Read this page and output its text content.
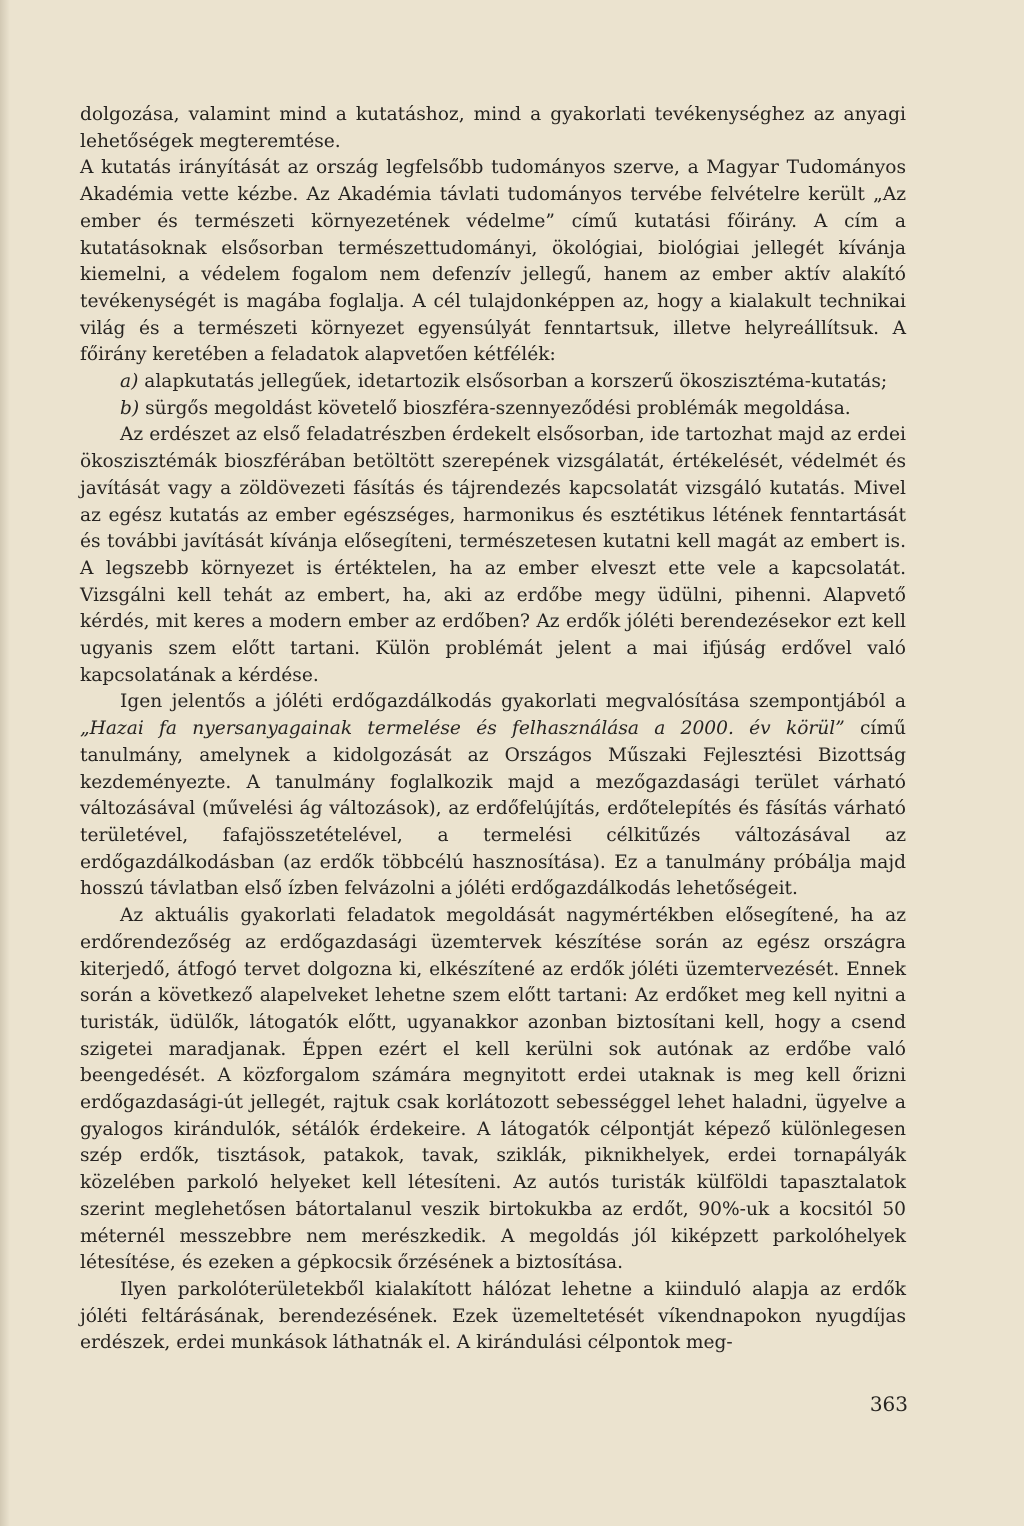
dolgozása, valamint mind a kutatáshoz, mind a gyakorlati tevékenységhez az anyagi lehetőségek megteremtése.

A kutatás irányítását az ország legfelsőbb tudományos szerve, a Magyar Tudományos Akadémia vette kézbe. Az Akadémia távlati tudományos tervébe felvételre került „Az ember és természeti környezetének védelme” című kutatási főirány. A cím a kutatásoknak elsősorban természettudományi, ökológiai, biológiai jellegét kívánja kiemelni, a védelem fogalom nem defenzív jellegű, hanem az ember aktív alakító tevékenységét is magába foglalja. A cél tulajdonképpen az, hogy a kialakult technikai világ és a természeti környezet egyensúlyát fenntartsuk, illetve helyreállítsuk. A főirány keretében a feladatok alapvetően kétfélék:

a) alapkutatás jellegűek, idetartozik elsősorban a korszerű ökoszisztéma-kutatás;

b) sürgős megoldást követelő bioszféra-szennyeződési problémák megoldása.

Az erdészet az első feladatrészben érdekelt elsősorban, ide tartozhat majd az erdei ökoszisztémák bioszférában betöltött szerepének vizsgálatát, értékelését, védelmét és javítását vagy a zöldövezeti fásítás és tájrendezés kapcsolatát vizsgáló kutatás. Mivel az egész kutatás az ember egészséges, harmonikus és esztétikus létének fenntartását és további javítását kívánja elősegíteni, természetesen kutatni kell magát az embert is. A legszebb környezet is értéktelen, ha az ember elveszt ette vele a kapcsolatát. Vizsgálni kell tehát az embert, ha, aki az erdőbe megy üdülni, pihenni. Alapvető kérdés, mit keres a modern ember az erdőben? Az erdők jóléti berendezésekor ezt kell ugyanis szem előtt tartani. Külön problémát jelent a mai ifjúság erdővel való kapcsolatának a kérdése.

Igen jelentős a jóléti erdőgazdálkodás gyakorlati megvalósítása szempontjából a „Hazai fa nyersanyagainak termelése és felhasználása a 2000. év körül” című tanulmány, amelynek a kidolgozását az Országos Műszaki Fejlesztési Bizottság kezdeményezte. A tanulmány foglalkozik majd a mezőgazdasági terület várható változásával (művelési ág változások), az erdőfelújítás, erdőtelepítés és fásítás várható területével, fafajösszetételével, a termelési célkitűzés változásával az erdőgazdálkodásban (az erdők többcélú hasznosítása). Ez a tanulmány próbálja majd hosszú távlatban első ízben felvázolni a jóléti erdőgazdálkodás lehetőségeit.

Az aktuális gyakorlati feladatok megoldását nagymértékben elősegítené, ha az erdőrendezőség az erdőgazdasági üzemtervek készítése során az egész országra kiterjedő, átfogó tervet dolgozna ki, elkészítené az erdők jóléti üzemtervezését. Ennek során a következő alapelveket lehetne szem előtt tartani: Az erdőket meg kell nyitni a turisták, üdülők, látogatók előtt, ugyanakkor azonban biztosítani kell, hogy a csend szigetei maradjanak. Éppen ezért el kell kerülni sok autónak az erdőbe való beengedését. A közforgalom számára megnyitott erdei utaknak is meg kell őrizni erdőgazdasági-út jellegét, rajtuk csak korlátozott sebességgel lehet haladni, ügyelve a gyalogos kirándulók, sétálók érdekeire. A látogatók célpontját képező különlegesen szép erdők, tisztások, patakok, tavak, sziklák, piknikhelyek, erdei tornapályák közelében parkoló helyeket kell létesíteni. Az autós turisták külföldi tapasztalatok szerint meglehetősen bátortalanul veszik birtokukba az erdőt, 90%-uk a kocsitól 50 méternél messzebbre nem merészkedik. A megoldás jól kiképzett parkolóhelyek létesítése, és ezeken a gépkocsik őrzésének a biztosítása.

Ilyen parkolóterületekből kialakított hálózat lehetne a kiinduló alapja az erdők jóléti feltárásának, berendezésének. Ezek üzemeltetését víkendnapokon nyugdíjas erdészek, erdei munkások láthatnák el. A kirándulási célpontok meg-

363
